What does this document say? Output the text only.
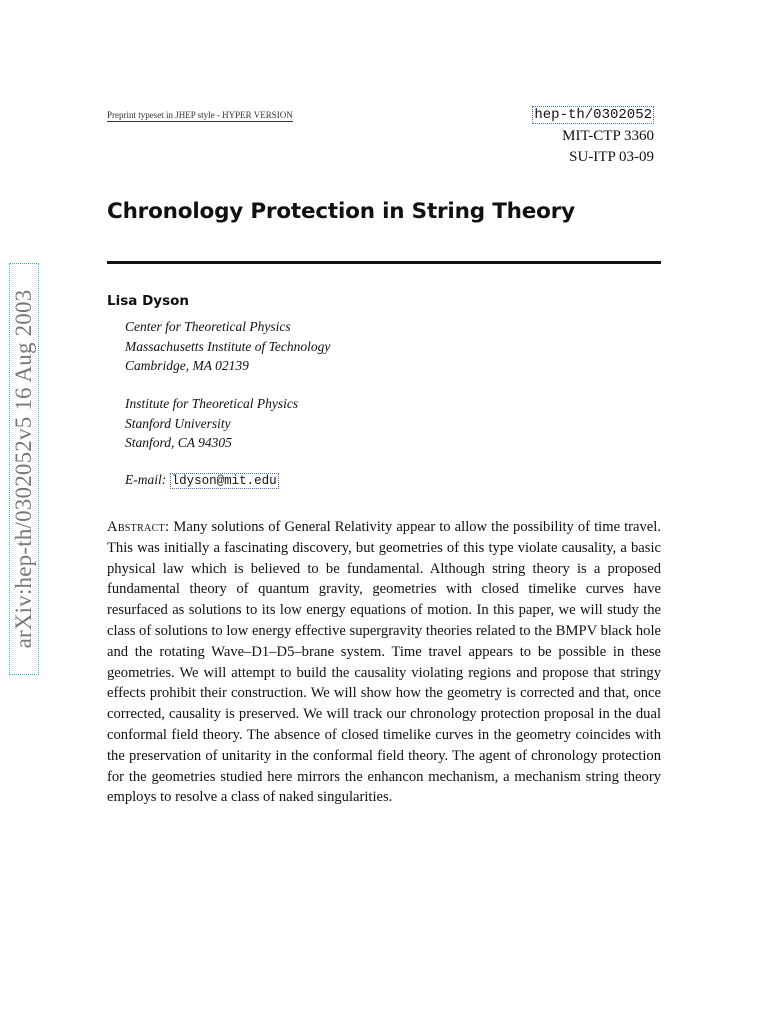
arXiv:hep-th/0302052v5 16 Aug 2003
Preprint typeset in JHEP style - HYPER VERSION	hep-th/0302052
MIT-CTP 3360
SU-ITP 03-09
Chronology Protection in String Theory
Lisa Dyson
Center for Theoretical Physics
Massachusetts Institute of Technology
Cambridge, MA 02139
Institute for Theoretical Physics
Stanford University
Stanford, CA 94305
E-mail: ldyson@mit.edu
Abstract: Many solutions of General Relativity appear to allow the possibility of time travel. This was initially a fascinating discovery, but geometries of this type violate causality, a basic physical law which is believed to be fundamental. Although string theory is a proposed fundamental theory of quantum gravity, geometries with closed timelike curves have resurfaced as solutions to its low energy equations of motion. In this paper, we will study the class of solutions to low energy effective supergravity theories related to the BMPV black hole and the rotating Wave–D1–D5–brane system. Time travel appears to be possible in these geometries. We will attempt to build the causality violating regions and propose that stringy effects prohibit their construction. We will show how the geometry is corrected and that, once corrected, causality is preserved. We will track our chronology protection proposal in the dual conformal field theory. The absence of closed timelike curves in the geometry coincides with the preservation of unitarity in the conformal field theory. The agent of chronology protection for the geometries studied here mirrors the enhancon mechanism, a mechanism string theory employs to resolve a class of naked singularities.
